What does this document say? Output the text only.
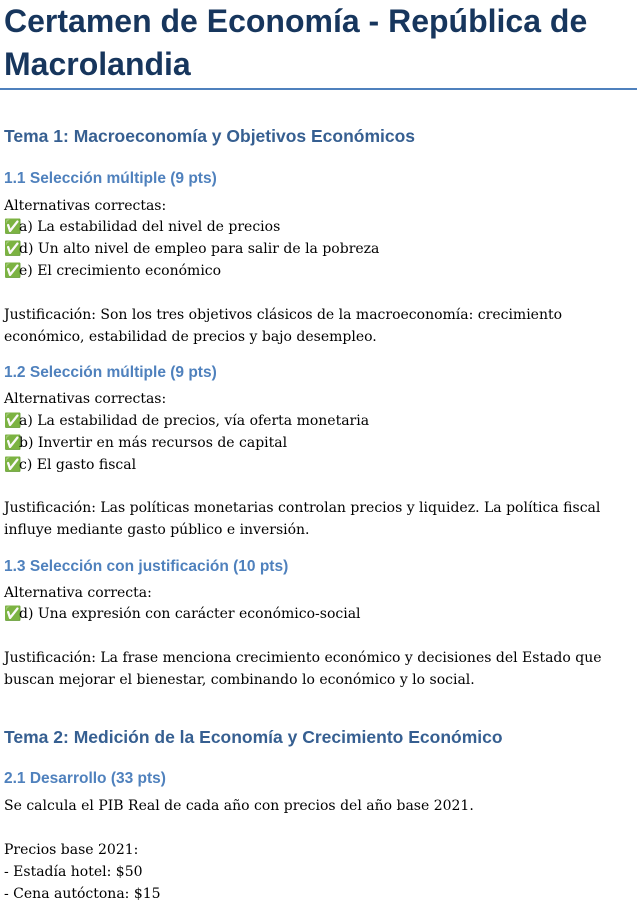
Certamen de Economía - República de Macrolandia
Tema 1: Macroeconomía y Objetivos Económicos
1.1 Selección múltiple (9 pts)

Alternativas correctas:

✅a) La estabilidad del nivel de precios

✅d) Un alto nivel de empleo para salir de la pobreza

✅e) El crecimiento económico

Justificación: Son los tres objetivos clásicos de la macroeconomía: crecimiento económico, estabilidad de precios y bajo desempleo.

1.2 Selección múltiple (9 pts)

Alternativas correctas:

✅a) La estabilidad de precios, vía oferta monetaria

✅b) Invertir en más recursos de capital

✅c) El gasto fiscal

Justificación: Las políticas monetarias controlan precios y liquidez. La política fiscal influye mediante gasto público e inversión.

1.3 Selección con justificación (10 pts)

Alternativa correcta:

✅d) Una expresión con carácter económico-social

Justificación: La frase menciona crecimiento económico y decisiones del Estado que buscan mejorar el bienestar, combinando lo económico y lo social.

Tema 2: Medición de la Economía y Crecimiento Económico
2.1 Desarrollo (33 pts)

Se calcula el PIB Real de cada año con precios del año base 2021.

Precios base 2021:

- Estadía hotel: $50

- Cena autóctona: $15
